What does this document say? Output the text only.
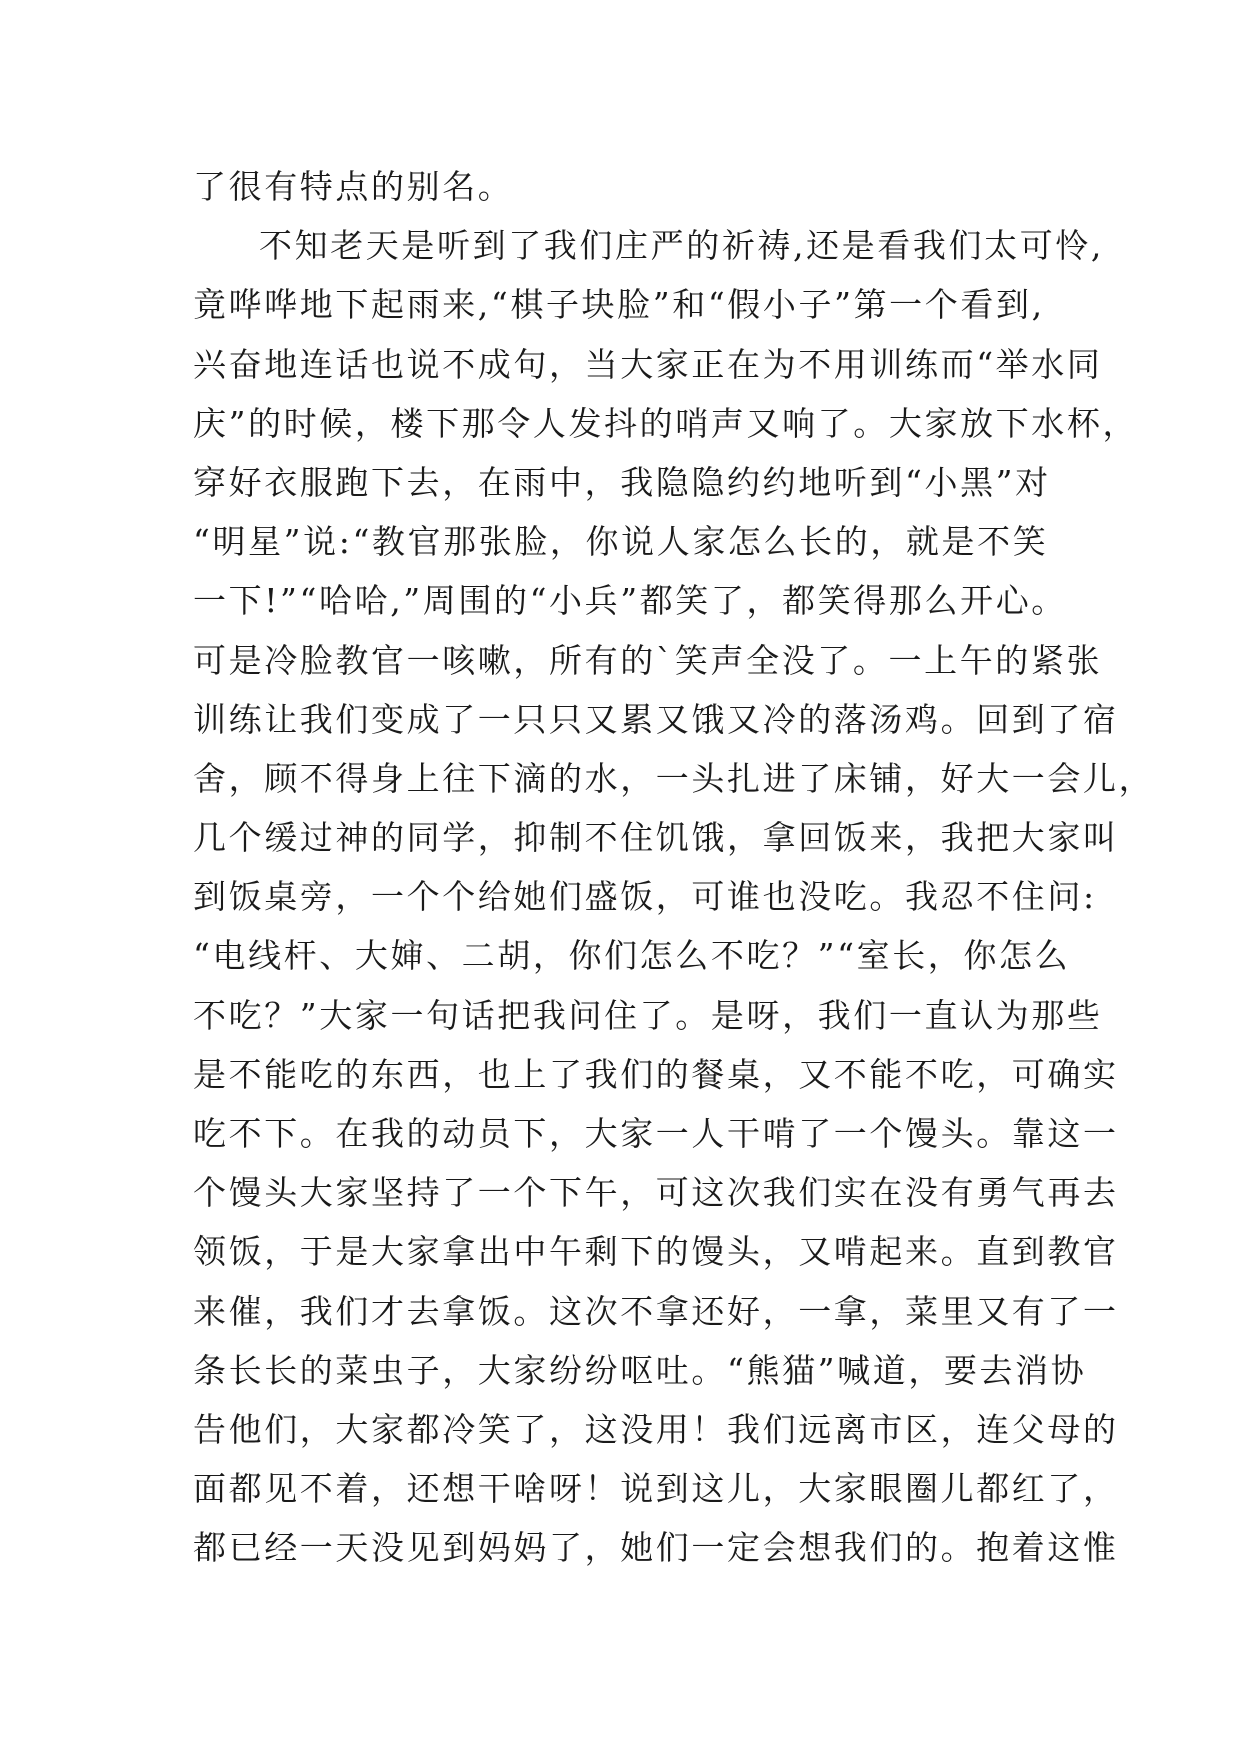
了很有特点的别名。
不知老天是听到了我们庄严的祈祷,还是看我们太可怜,
竟哗哗地下起雨来,“棋子块脸”和“假小子”第一个看到,
兴奋地连话也说不成句，当大家正在为不用训练而“举水同
庆”的时候，楼下那令人发抖的哨声又响了。大家放下水杯，
穿好衣服跑下去，在雨中，我隐隐约约地听到“小黑”对
“明星”说:“教官那张脸，你说人家怎么长的，就是不笑
一下!”“哈哈,”周围的“小兵”都笑了，都笑得那么开心。
可是冷脸教官一咳嗽，所有的`笑声全没了。一上午的紧张
训练让我们变成了一只只又累又饿又冷的落汤鸡。回到了宿
舍，顾不得身上往下滴的水，一头扎进了床铺，好大一会儿，
几个缓过神的同学，抑制不住饥饿，拿回饭来，我把大家叫
到饭桌旁，一个个给她们盛饭，可谁也没吃。我忍不住问:
“电线杆、大婶、二胡，你们怎么不吃？”“室长，你怎么
不吃？”大家一句话把我问住了。是呀，我们一直认为那些
是不能吃的东西，也上了我们的餐桌，又不能不吃，可确实
吃不下。在我的动员下，大家一人干啃了一个馒头。靠这一
个馒头大家坚持了一个下午，可这次我们实在没有勇气再去
领饭，于是大家拿出中午剩下的馒头，又啃起来。直到教官
来催，我们才去拿饭。这次不拿还好，一拿，菜里又有了一
条长长的菜虫子，大家纷纷呕吐。“熊猫”喊道，要去消协
告他们，大家都冷笑了，这没用！我们远离市区，连父母的
面都见不着，还想干啥呀！说到这儿，大家眼圈儿都红了，
都已经一天没见到妈妈了，她们一定会想我们的。抱着这惟
